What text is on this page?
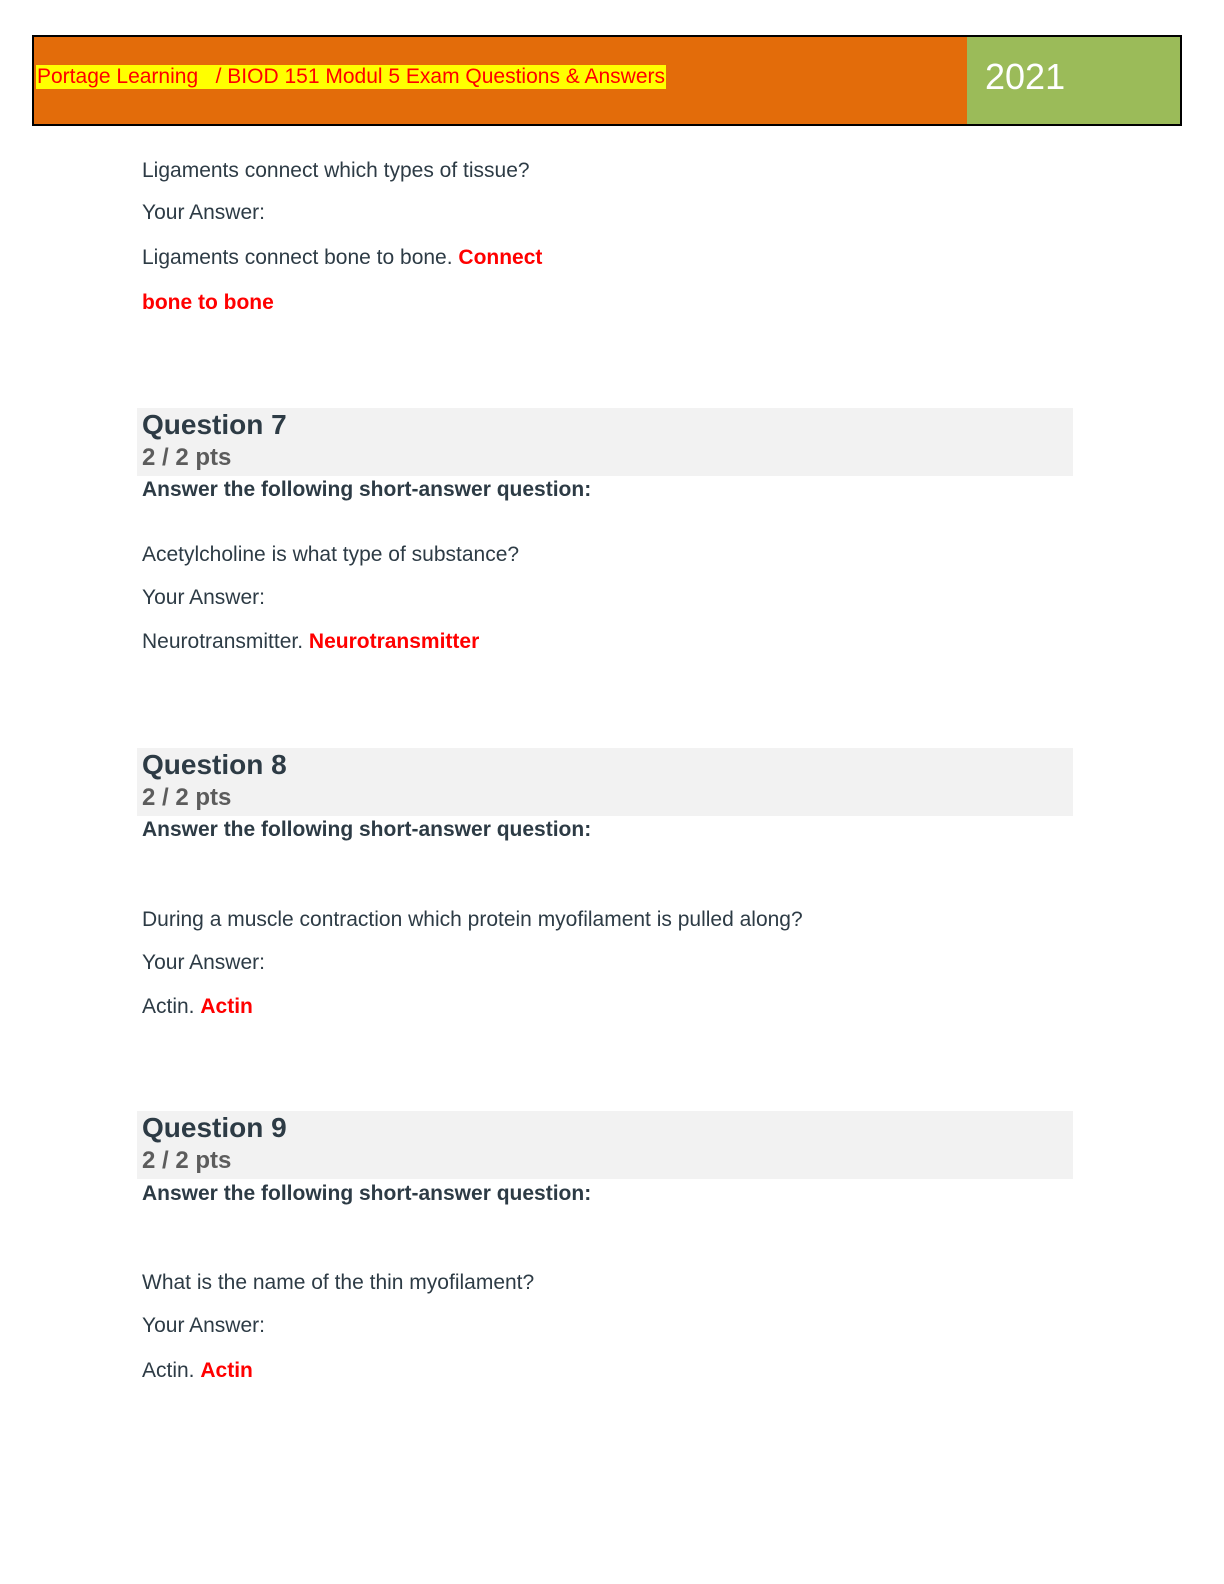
Portage Learning   / BIOD 151 Modul 5 Exam Questions & Answers	2021
Ligaments connect which types of tissue?
Your Answer:
Ligaments connect bone to bone. Connect
bone to bone
Question 7
2 / 2 pts
Answer the following short-answer question:
Acetylcholine is what type of substance?
Your Answer:
Neurotransmitter. Neurotransmitter
Question 8
2 / 2 pts
Answer the following short-answer question:
During a muscle contraction which protein myofilament is pulled along?
Your Answer:
Actin. Actin
Question 9
2 / 2 pts
Answer the following short-answer question:
What is the name of the thin myofilament?
Your Answer:
Actin. Actin
